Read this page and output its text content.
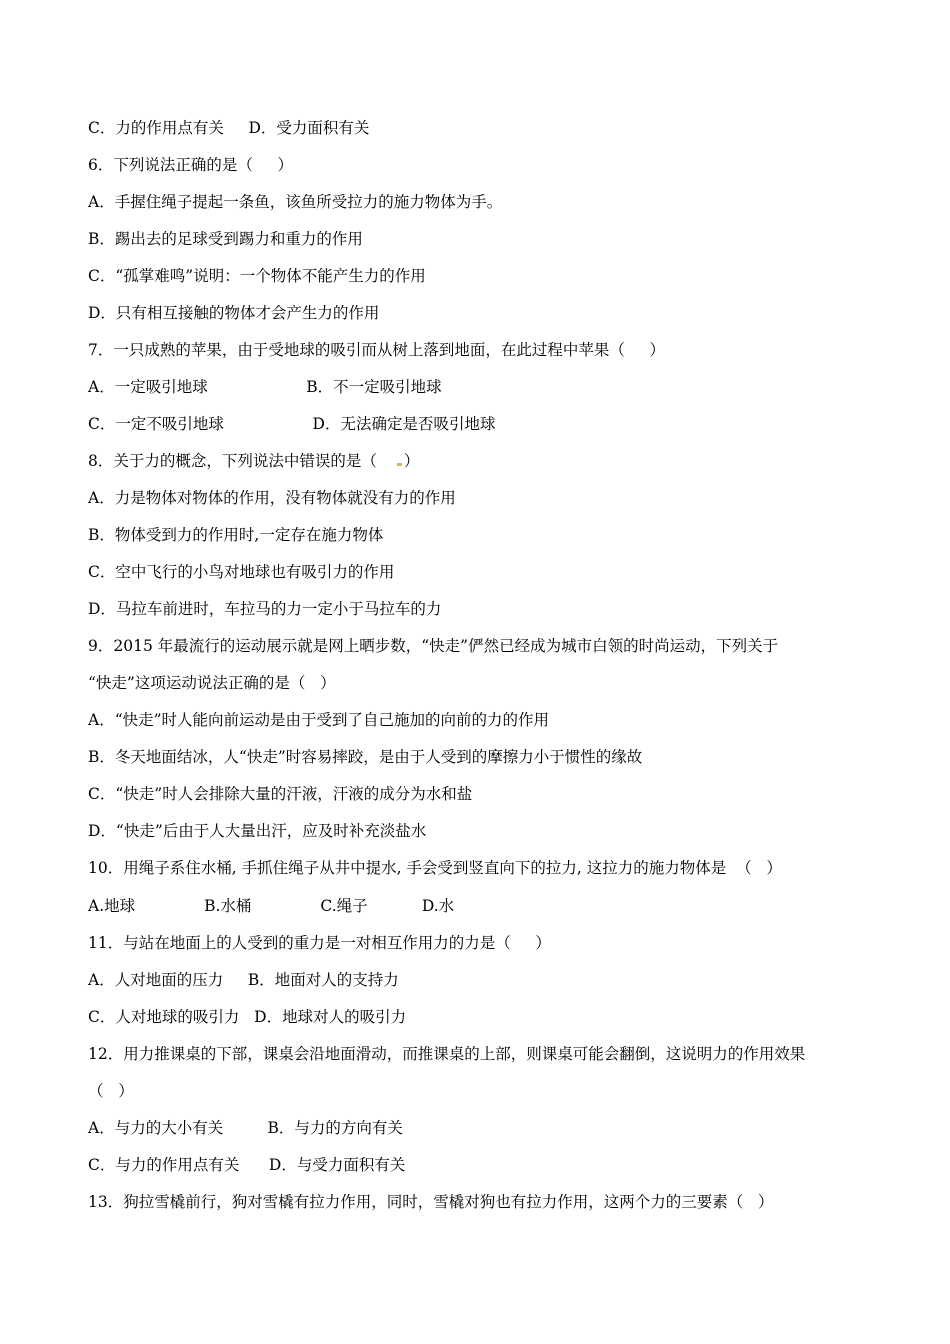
C．力的作用点有关     D．受力面积有关
6．下列说法正确的是（     ）
A．手握住绳子提起一条鱼，该鱼所受拉力的施力物体为手。
B．踢出去的足球受到踢力和重力的作用
C．“孤掌难鸣”说明：一个物体不能产生力的作用
D．只有相互接触的物体才会产生力的作用
7．一只成熟的苹果，由于受地球的吸引而从树上落到地面，在此过程中苹果（     ）
A．一定吸引地球                    B．不一定吸引地球
C．一定不吸引地球                  D．无法确定是否吸引地球
8．关于力的概念，下列说法中错误的是（ ）
A．力是物体对物体的作用，没有物体就没有力的作用
B．物体受到力的作用时,一定存在施力物体
C．空中飞行的小鸟对地球也有吸引力的作用
D．马拉车前进时，车拉马的力一定小于马拉车的力
9．2015 年最流行的运动展示就是网上晒步数，“快走”俨然已经成为城市白领的时尚运动，下列关于
“快走”这项运动说法正确的是（   ）
A．“快走”时人能向前运动是由于受到了自己施加的向前的力的作用
B．冬天地面结冰，人“快走”时容易摔跤，是由于人受到的摩擦力小于惯性的缘故
C．“快走”时人会排除大量的汗液，汗液的成分为水和盐
D．“快走”后由于人大量出汗，应及时补充淡盐水
10．用绳子系住水桶, 手抓住绳子从井中提水, 手会受到竖直向下的拉力, 这拉力的施力物体是  （   ）
A.地球              B.水桶              C.绳子           D.水
11．与站在地面上的人受到的重力是一对相互作用力的力是（     ）
A．人对地面的压力     B．地面对人的支持力
C．人对地球的吸引力   D．地球对人的吸引力
12．用力推课桌的下部，课桌会沿地面滑动，而推课桌的上部，则课桌可能会翻倒，这说明力的作用效果
（   ）
A．与力的大小有关         B．与力的方向有关
C．与力的作用点有关      D．与受力面积有关
13．狗拉雪橇前行，狗对雪橇有拉力作用，同时，雪橇对狗也有拉力作用，这两个力的三要素（   ）
